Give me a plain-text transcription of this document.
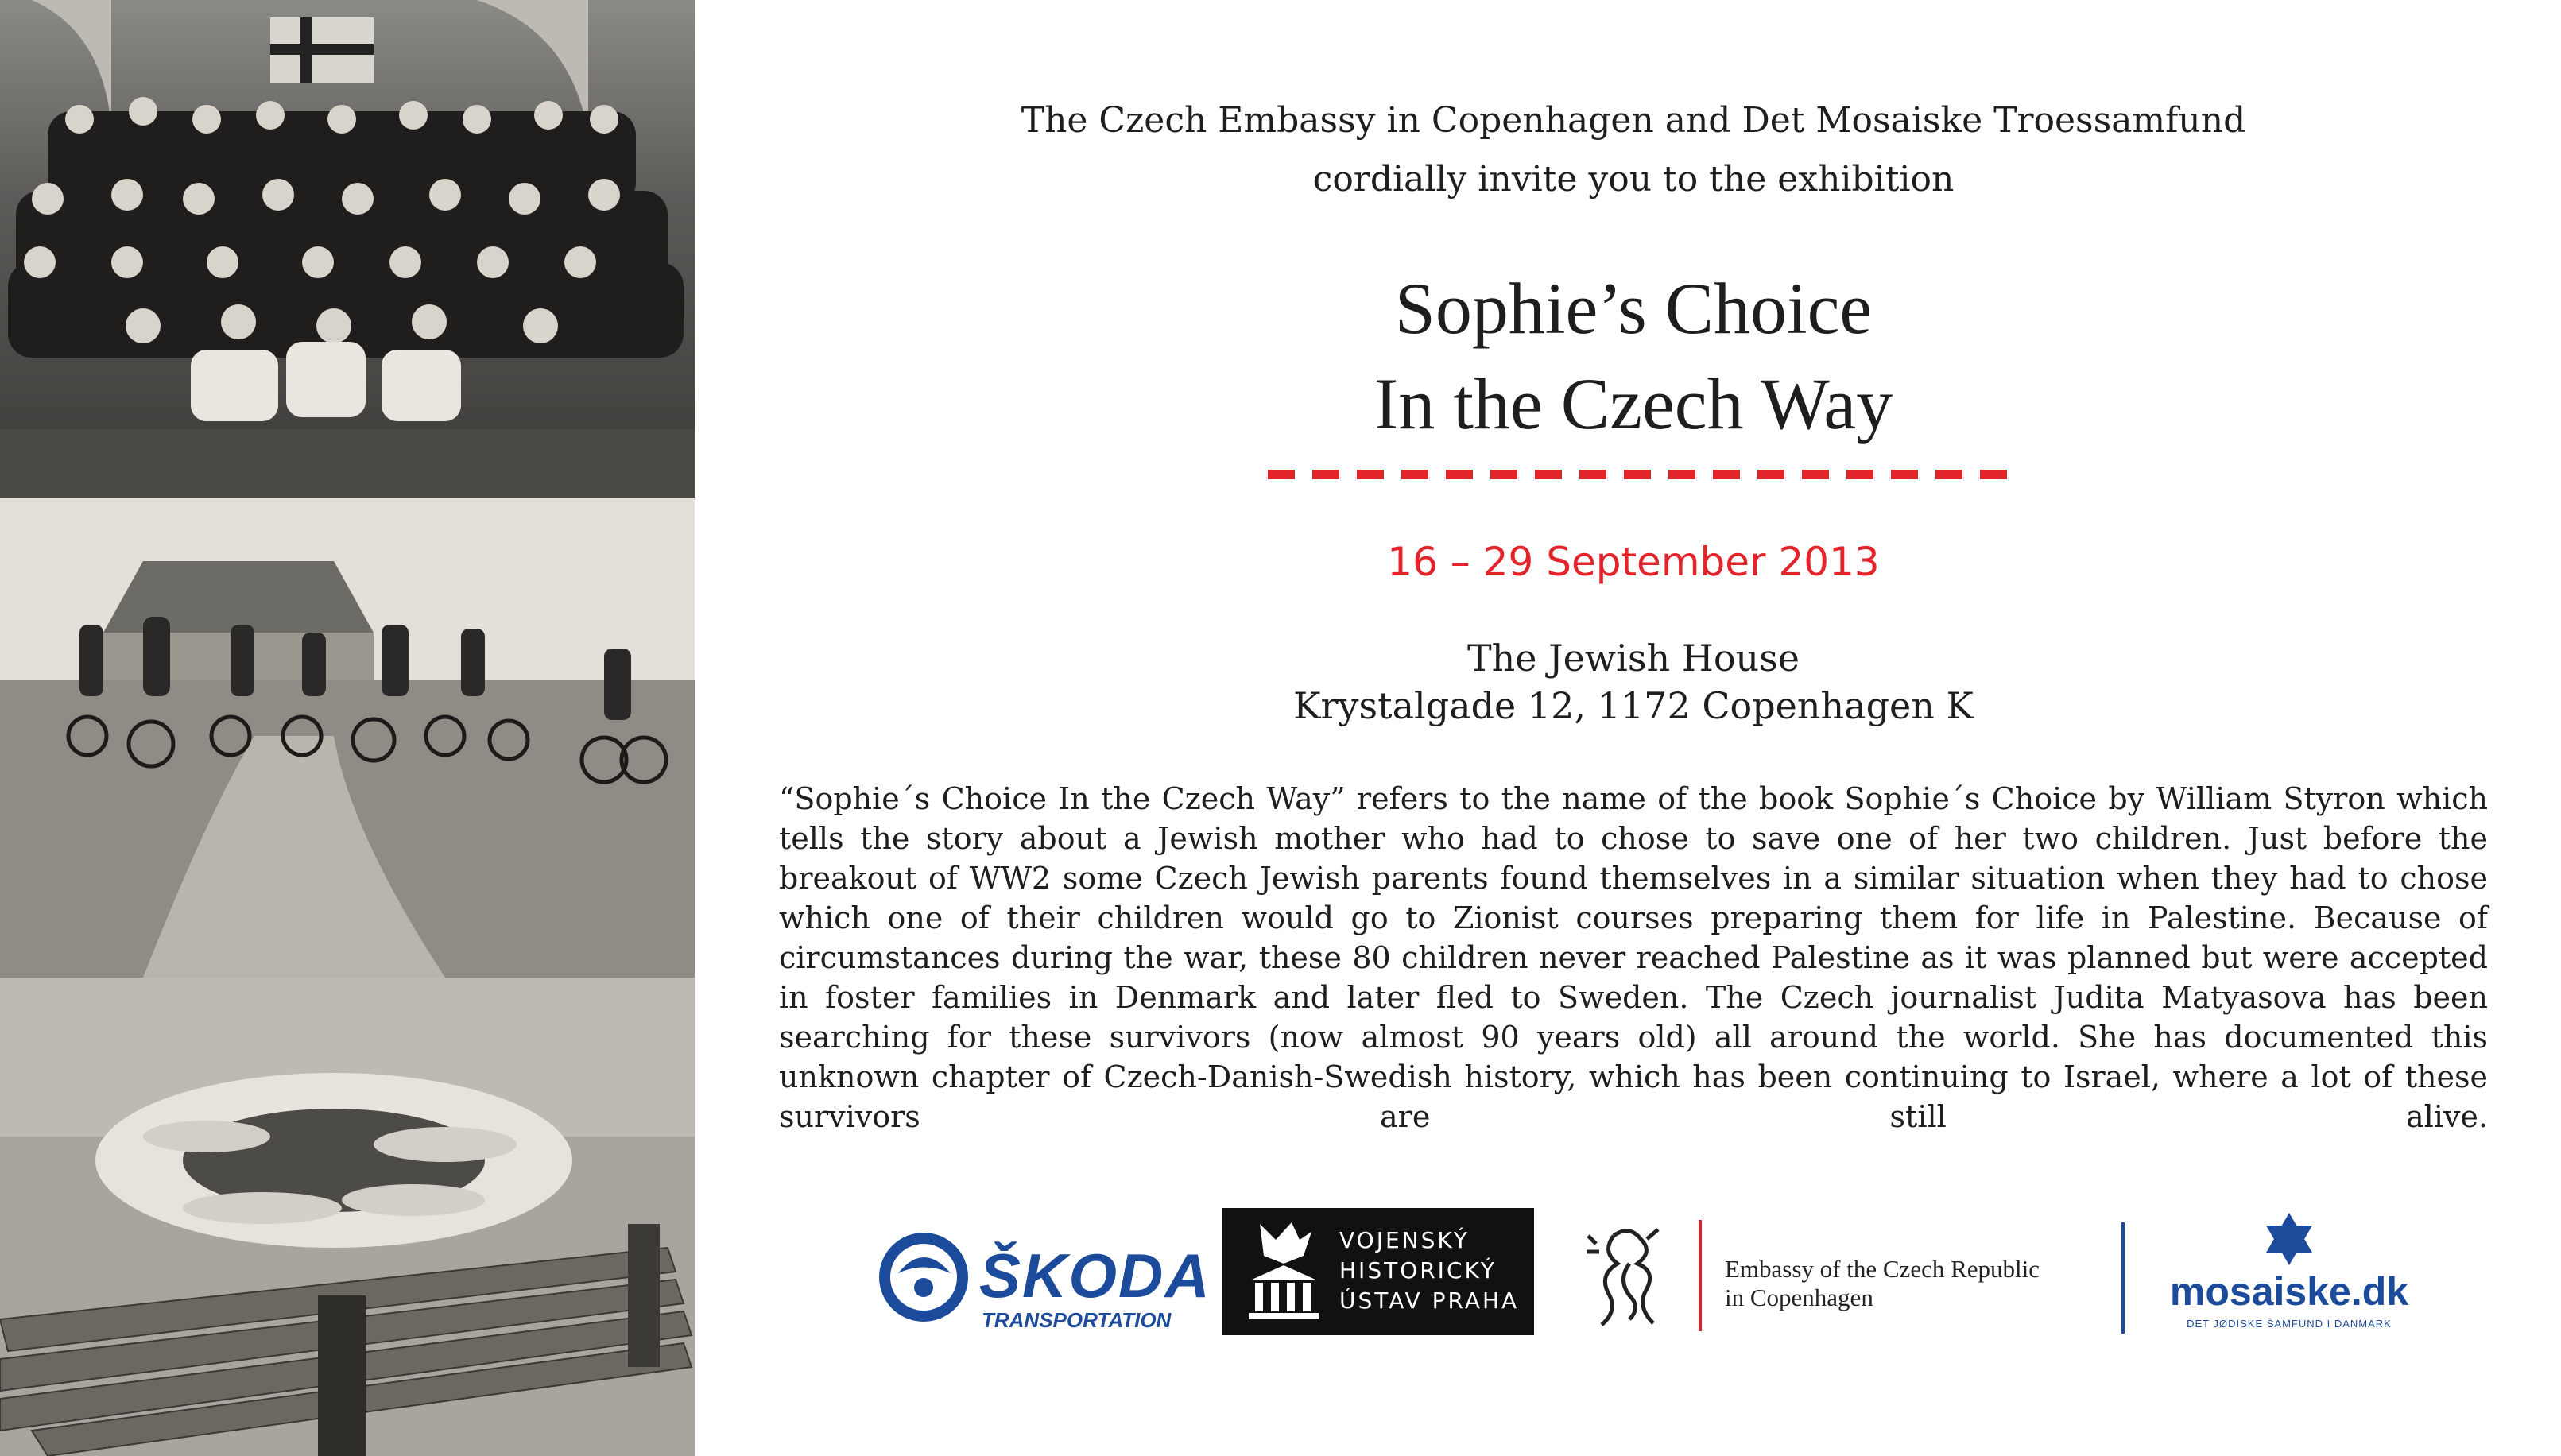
The Czech Embassy in Copenhagen and Det Mosaiske Troessamfund
cordially invite you to the exhibition
Sophie’s Choice
In the Czech Way
16 – 29 September 2013
The Jewish House
Krystalgade 12, 1172 Copenhagen K
“Sophie´s Choice In the Czech Way” refers to the name of the book Sophie´s Choice by William Styron which tells the story about a Jewish mother who had to chose to save one of her two children. Just before the breakout of WW2 some Czech Jewish parents found themselves in a similar situation when they had to chose which one of their children would go to Zionist courses preparing them for life in Palestine. Because of circumstances during the war, these 80 children never reached Palestine as it was planned but were accepted in foster families in Denmark and later fled to Sweden. The Czech journalist Judita Matyasova has been searching for these survivors (now almost 90 years old) all around the world. She has documented this unknown chapter of Czech-Danish-Swedish history, which has been continuing to Israel, where a lot of these survivors are still alive.
ŠKODA
TRANSPORTATION
VOJENSKÝ
HISTORICKÝ
ÚSTAV PRAHA
Embassy of the Czech Republic
in Copenhagen	mosaiske.dk
DET JØDISKE SAMFUND I DANMARK
